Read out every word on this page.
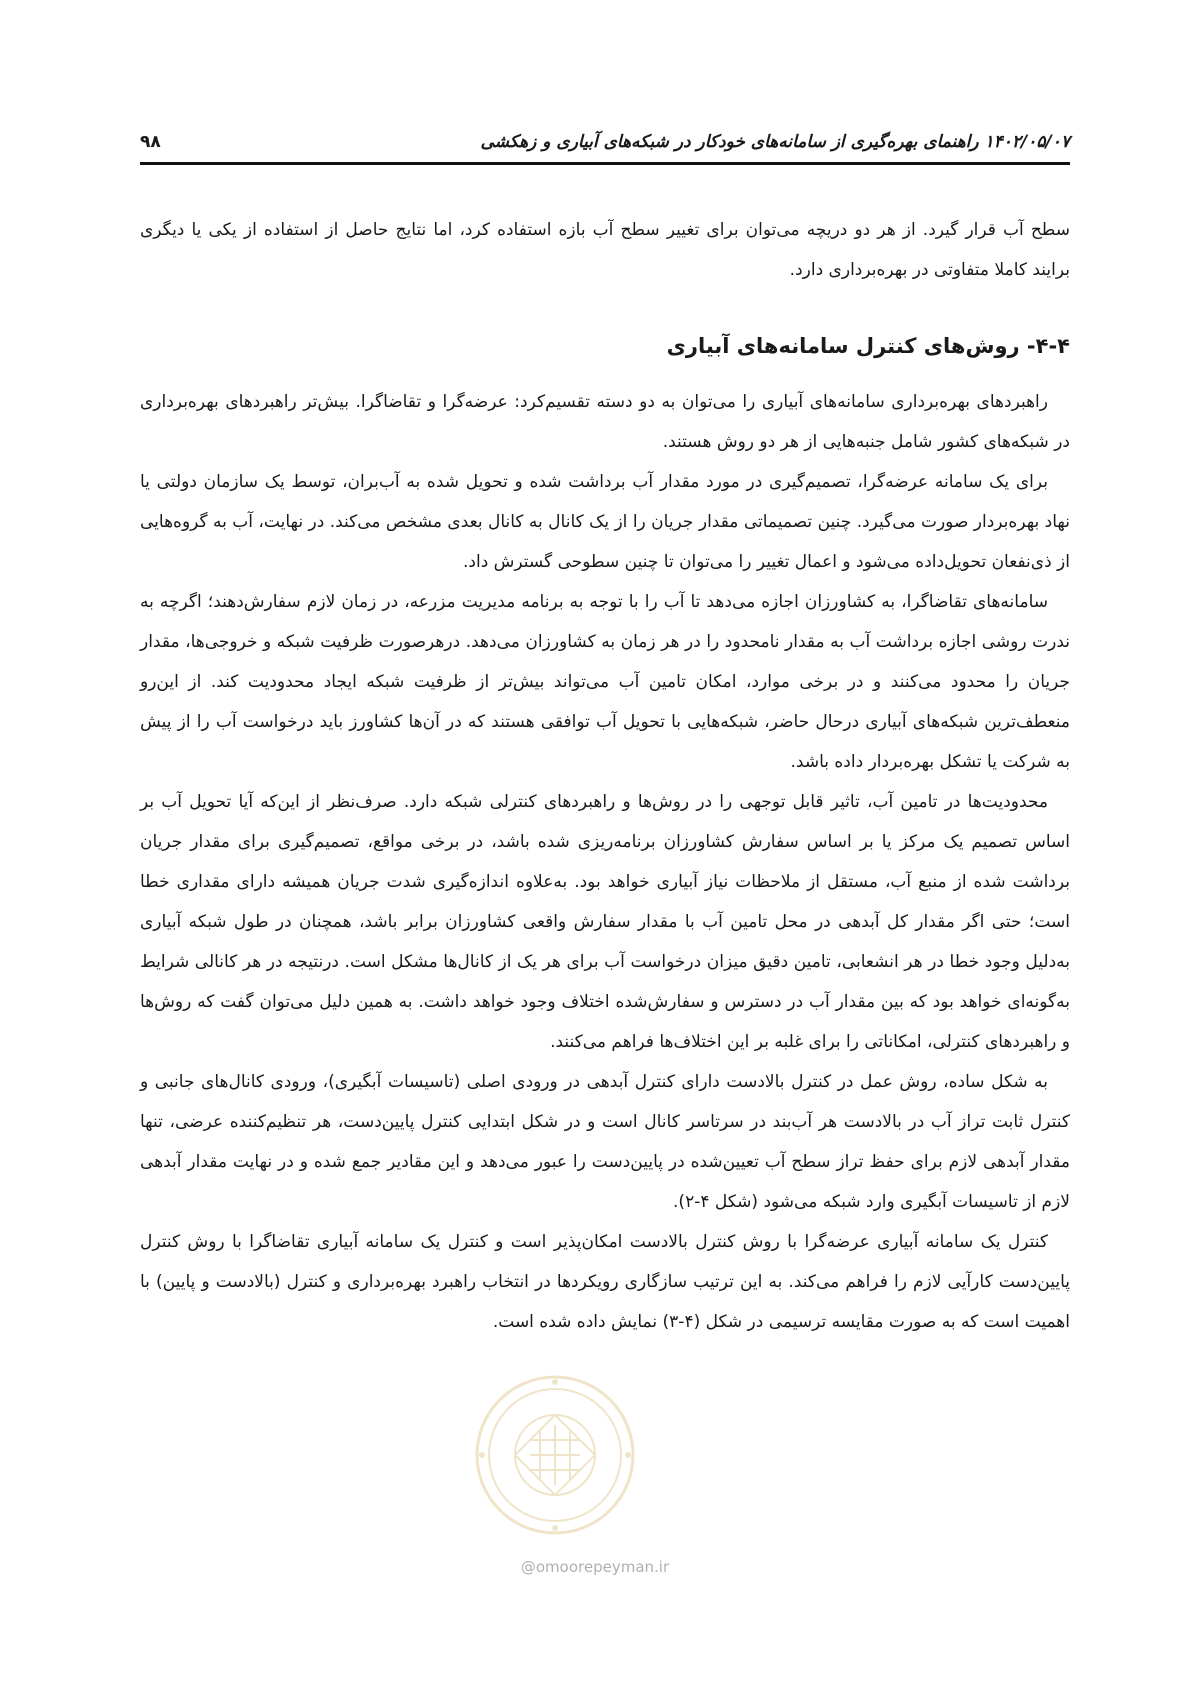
۱۴۰۲/۰۵/۰۷ راهنمای بهره‌گیری از سامانه‌های خودکار در شبکه‌های آبیاری و زهکشی
۹۸

سطح آب قرار گیرد. از هر دو دریچه می‌توان برای تغییر سطح آب بازه استفاده کرد، اما نتایج حاصل از استفاده از یکی یا دیگری برایند کاملا متفاوتی در بهره‌برداری دارد.

۴-۴- روش‌های کنترل سامانه‌های آبیاری

راهبردهای بهره‌برداری سامانه‌های آبیاری را می‌توان به دو دسته تقسیم‌کرد: عرضه‌گرا و تقاضاگرا. بیش‌تر راهبردهای بهره‌برداری در شبکه‌های کشور شامل جنبه‌هایی از هر دو روش هستند.

برای یک سامانه عرضه‌گرا، تصمیم‌گیری در مورد مقدار آب برداشت شده و تحویل شده به آب‌بران، توسط یک سازمان دولتی یا نهاد بهره‌بردار صورت می‌گیرد. چنین تصمیماتی مقدار جریان را از یک کانال به کانال بعدی مشخص می‌کند. در نهایت، آب به گروه‌هایی از ذی‌نفعان تحویل‌داده می‌شود و اعمال تغییر را می‌توان تا چنین سطوحی گسترش داد.

سامانه‌های تقاضاگرا، به کشاورزان اجازه می‌دهد تا آب را با توجه به برنامه مدیریت مزرعه، در زمان لازم سفارش‌دهند؛ اگرچه به ندرت روشی اجازه برداشت آب به مقدار نامحدود را در هر زمان به کشاورزان می‌دهد. درهرصورت ظرفیت شبکه و خروجی‌ها، مقدار جریان را محدود می‌کنند و در برخی موارد، امکان تامین آب می‌تواند بیش‌تر از ظرفیت شبکه ایجاد محدودیت کند. از این‌رو منعطف‌ترین شبکه‌های آبیاری درحال حاضر، شبکه‌هایی با تحویل آب توافقی هستند که در آن‌ها کشاورز باید درخواست آب را از پیش به شرکت یا تشکل بهره‌بردار داده باشد.

محدودیت‌ها در تامین آب، تاثیر قابل توجهی را در روش‌ها و راهبردهای کنترلی شبکه دارد. صرف‌نظر از این‌که آیا تحویل آب بر اساس تصمیم یک مرکز یا بر اساس سفارش کشاورزان برنامه‌ریزی شده باشد، در برخی مواقع، تصمیم‌گیری برای مقدار جریان برداشت شده از منبع آب، مستقل از ملاحظات نیاز آبیاری خواهد بود. به‌علاوه اندازه‌گیری شدت جریان همیشه دارای مقداری خطا است؛ حتی اگر مقدار کل آبدهی در محل تامین آب با مقدار سفارش واقعی کشاورزان برابر باشد، همچنان در طول شبکه آبیاری به‌دلیل وجود خطا در هر انشعابی، تامین دقیق میزان درخواست آب برای هر یک از کانال‌ها مشکل است. درنتیجه در هر کانالی شرایط به‌گونه‌ای خواهد بود که بین مقدار آب در دسترس و سفارش‌شده اختلاف وجود خواهد داشت. به همین دلیل می‌توان گفت که روش‌ها و راهبردهای کنترلی، امکاناتی را برای غلبه بر این اختلاف‌ها فراهم می‌کنند.

به شکل ساده، روش عمل در کنترل بالادست دارای کنترل آبدهی در ورودی اصلی (تاسیسات آبگیری)، ورودی کانال‌های جانبی و کنترل ثابت تراز آب در بالادست هر آب‌بند در سرتاسر کانال است و در شکل ابتدایی کنترل پایین‌دست، هر تنظیم‌کننده عرضی، تنها مقدار آبدهی لازم برای حفظ تراز سطح آب تعیین‌شده در پایین‌دست را عبور می‌دهد و این مقادیر جمع شده و در نهایت مقدار آبدهی لازم از تاسیسات آبگیری وارد شبکه می‌شود (شکل ۴-۲).

کنترل یک سامانه آبیاری عرضه‌گرا با روش کنترل بالادست امکان‌پذیر است و کنترل یک سامانه آبیاری تقاضاگرا با روش کنترل پایین‌دست کارآیی لازم را فراهم می‌کند. به این ترتیب سازگاری رویکردها در انتخاب راهبرد بهره‌برداری و کنترل (بالادست و پایین) با اهمیت است که به صورت مقایسه ترسیمی در شکل (۴-۳) نمایش داده شده است.

@omoorepeyman.ir
